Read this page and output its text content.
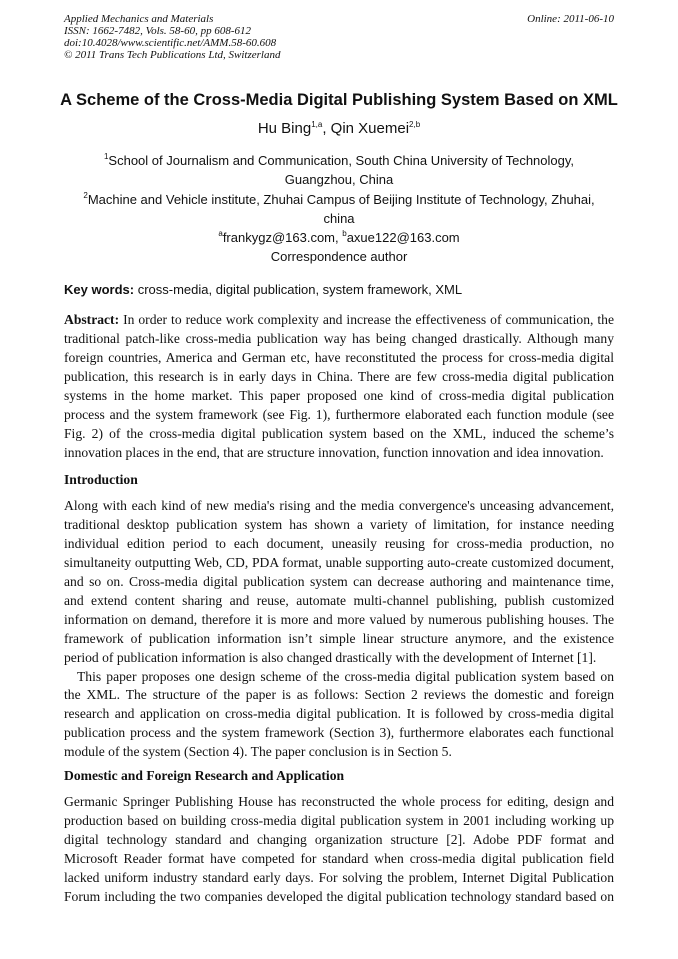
Applied Mechanics and Materials
ISSN: 1662-7482, Vols. 58-60, pp 608-612
doi:10.4028/www.scientific.net/AMM.58-60.608
© 2011 Trans Tech Publications Ltd, Switzerland
Online: 2011-06-10
A Scheme of the Cross-Media Digital Publishing System Based on XML
Hu Bing$^{1,a}$, Qin Xuemei$^{2,b}$
$^1$School of Journalism and Communication, South China University of Technology,
Guangzhou, China
$^2$Machine and Vehicle institute, Zhuhai Campus of Beijing Institute of Technology, Zhuhai,
china
$^a$frankygz@163.com, $^b$axue122@163.com
Correspondence author
Key words: cross-media, digital publication, system framework, XML
Abstract: In order to reduce work complexity and increase the effectiveness of communication, the
traditional patch-like cross-media publication way has being changed drastically. Although many
foreign countries, America and German etc, have reconstituted the process for cross-media digital
publication, this research is in early days in China. There are few cross-media digital publication
systems in the home market. This paper proposed one kind of cross-media digital publication
process and the system framework (see Fig. 1), furthermore elaborated each function module (see
Fig. 2) of the cross-media digital publication system based on the XML, induced the scheme’s
innovation places in the end, that are structure innovation, function innovation and idea innovation.
Introduction
Along with each kind of new media's rising and the media convergence's unceasing advancement,
traditional desktop publication system has shown a variety of limitation, for instance needing
individual edition period to each document, uneasily reusing for cross-media production, no
simultaneity outputting Web, CD, PDA format, unable supporting auto-create customized document,
and so on. Cross-media digital publication system can decrease authoring and maintenance time,
and extend content sharing and reuse, automate multi-channel publishing, publish customized
information on demand, therefore it is more and more valued by numerous publishing houses. The
framework of publication information isn’t simple linear structure anymore, and the existence
period of publication information is also changed drastically with the development of Internet [1].
This paper proposes one design scheme of the cross-media digital publication system based on
the XML. The structure of the paper is as follows: Section 2 reviews the domestic and foreign
research and application on cross-media digital publication. It is followed by cross-media digital
publication process and the system framework (Section 3), furthermore elaborates each functional
module of the system (Section 4). The paper conclusion is in Section 5.
Domestic and Foreign Research and Application
Germanic Springer Publishing House has reconstructed the whole process for editing, design and
production based on building cross-media digital publication system in 2001 including working up
digital technology standard and changing organization structure [2]. Adobe PDF format and
Microsoft Reader format have competed for standard when cross-media digital publication field
lacked uniform industry standard early days. For solving the problem, Internet Digital Publication
Forum including the two companies developed the digital publication technology standard based on
